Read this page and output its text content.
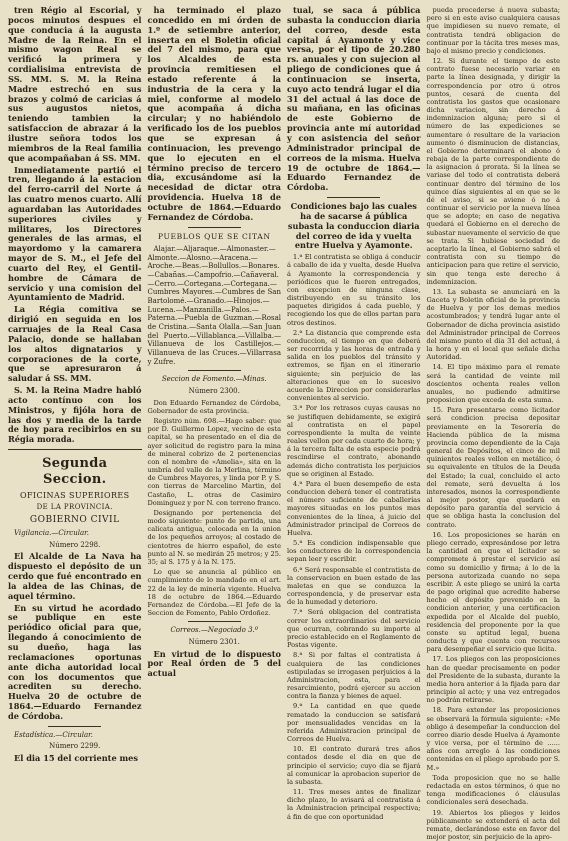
tren Régio al Escorial, y pocos minutos despues el que conducia á la augusta Madre de la Reina. En el mismo wagon Real se verificó la primera y cordialisima entrevista de SS. MM. S. M. la Reina Madre estrechó en sus brazos y colmó de caricias á sus augustos nietos, teniendo tambien la satisfaccion de abrazar á la ilustre señora todos los miembros de la Real familia que acompañaban á SS. MM.

Inmediatamente partió el tren, llegando á la estacion del ferro-carril del Norte á las cuatro menos cuarto. Allí aguardaban las Autoridades superiores civiles y militares, los Directores generales de las armas, el mayordomo y la camarera mayor de S. M., el Jefe del cuarto del Rey, el Gentil-hombre de Cámara de servicio y una comision del Ayuntamiento de Madrid.

La Régia comitiva se dirigió en seguida en los carruajes de la Real Casa Palacio, donde se hallaban los altos dignatarios y corporaciones de la corte, que se apresuraron á saludar á SS. MM.

S. M. la Reina Madre habló acto contínuo con los Ministros, y fijóla hora de las dos y media de la tarde de hoy para recibirlos en su Régia morada.

Segunda Seccion.
OFICINAS SUPERIORES
DE LA PROVINCIA.
GOBIERNO CIVIL

Vigilancia.—Circular.

Número 2298.

El Alcalde de La Nava ha dispuesto el depósito de un cerdo que fué encontrado en la aldea de las Chinas, de aquel término.

En su virtud he acordado se publique en este periódico oficial para que, llegando á conocimiento de su dueño, haga las reclamaciones oportunas ante dicha autoridad local con los documentos que acrediten su derecho. Huelva 20 de octubre de 1864.—Eduardo Fernandez de Córdoba.

Estadística.—Circular.

Número 2299.

El dia 15 del corriente mes

ha terminado el plazo concedido en mi órden de 1.º de setiembre anterior, inserta en el Boletin oficial del 7 del mismo, para que los Alcaldes de esta provincia remitiesen el estado referente á la industria de la cera y la miel, conforme al modelo que acompaña á dicha circular; y no habiéndolo verificado los de los pueblos que se expresan á continuacion, les prevengo que lo ejecuten en el término preciso de tercero dia, excusándome así la necesidad de dictar otra providencia. Huelva 18 de octubre de 1864.—Eduardo Fernandez de Córdoba.

PUEBLOS QUE SE CITAN

Alajar.—Aljaraque.—Almonaster.—Almonte.—Alosno.—Aracena.—Aroche.—Beas.—Bollullos.—Bonares.—Cabañas.—Campofrio.—Cañaveral.—Cerro.—Cortegana.—Cortegana.—Cumbres Mayores.—Cumbres de San Bartolomé.—Granado.—Hinojos.—Lucena.—Manzanilla.—Palos.—Paterna.—Puebla de Guzman.—Rosal de Cristina.—Santa Olalla.—San Juan del Puerto.—Villablanca.—Villalba.—Villanueva de los Castillejos.—Villanueva de las Cruces.—Villarrasa y Zufre.

Seccion de Fomento.—Minas.

Número 2300.

Don Eduardo Fernandez de Córdoba, Gobernador de esta provincia.

Registro núm. 698.—Hago saber: que por D. Guillermo Lopez, vecino de esta capital, se ha presentado en el dia de ayer solicitud de registro para la mina de mineral cobrizo de 2 pertenencias con el nombre de «Amelia», sita en la umbría del valle de la Merlina, término de Cumbres Mayores, y linda por P. y S. con tierras de Marcelino Martin, del Castaño, L. otras de Casimiro Dominguez y por N. con terreno franco.

Designando por pertenencia del modo siguiente: punto de partida, una calicata antigua, colocada en la union de los pequeños arroyos; al costado de cientotres de hierro español, de este punto al N. se medirán 25 metros; y 25. 35; al S. 175 y á la N. 175.

Lo que se anuncia al público en cumplimiento de lo mandado en el art. 22 de la ley de minería vigente. Huelva 18 de octubre de 1864.—Eduardo Fernandez de Córdoba.—El Jefe de la Seccion de Fomento, Pablo Ordoñez.

Correos.—Negociado 3.º

Número 2301.

En virtud de lo dispuesto por Real órden de 5 del actual

tual, se saca á pública subasta la conduccion diaria del correo, desde esta capital á Ayamonte y vice versa, por el tipo de 20.280 rs. anuales y con sujecion al pliego de condiciones que á continuacion se inserta, cuyo acto tendrá lugar el dia 31 del actual á las doce de su mañana, en las oficinas de este Gobierno de provincia ante mí autoridad y con asistencia del señor Administrador principal de correos de la misma. Huelva 19 de octubre de 1864.—Eduardo Fernandez de Córdoba.

Condiciones bajo las cuales ha de sacarse á pública subasta la conduccion diaria del correo de ida y vuelta entre Huelva y Ayamonte.

1.ª El contratista se obliga á conducir á caballo de ida y vuelta, desde Huelva á Ayamonte la correspondencia y periódicos que le fueren entregados, con excepcion de ninguna clase, distribuyendo en su tránsito los paquetes dirigidos á cada pueblo, y recogiendo los que de ellos partan para otros destinos.

2.ª La distancia que comprende esta conduccion, el tiempo en que deberá ser recorrida y las horas de entrada y salida en los pueblos del tránsito y extremos, se fijan en el itinerario siguiente; sin perjuicio de las alteraciones que en lo sucesivo acuerde la Direccion por considerarlas convenientes al servicio.

3.ª Por los retrasos cuyas causas no se justifiquen debidamente, se exigirá al contratista en el papel correspondiente la multa de veinte reales vellon por cada cuarto de hora; y á la tercera falta de esta especie podrá rescindirse el contrato, abonando además dicho contratista los perjuicios que se originen al Estado.

4.ª Para el buen desempeño de esta conduccion deberá tener el contratista el número suficiente de caballerías mayores situadas en los puntos mas convenientes de la línea, á juicio del Administrador principal de Correos de Huelva.

5.ª Es condicion indispensable que los conductores de la correspondencia sepan leer y escribir.

6.ª Será responsable el contratista de la conservacion en buen estado de las maletas en que se conduzca la correspondencia, y de preservar esta de la humedad y deterioro.

7.ª Será obligacion del contratista correr los extraordinarios del servicio que ocurran, cobrando su importe al precio establecido en el Reglamento de Postas vigente.

8.ª Si por faltas el contratista á cualquiera de las condiciones estipuladas se irrogasen perjuicios á la Administracion, esta, para el resarcimiento, podrá ejercer su accion contra la fianza y bienes de aquel.

9.ª La cantidad en que quede rematado la conduccion se satisfará por mensualidades vencidas en la referida Administracion principal de Correos de Huelva.

10. El contrato durará tres años contados desde el dia en que de principio el servicio; cuyo dia se fijará al comunicar la aprobacion superior de la subasta.

11. Tres meses antes de finalizar dicho plazo, lo avisará al contratista á la Administracion principal respectiva; á fin de que con oportunidad

pueda procederse á nueva subasta; pero si en este aviso cualquiera causas que impidiesen su nuevo remate, el contratista tendrá obligacion de continuar por la tácita tres meses mas, bajo el mismo precio y condiciones.

12. Si durante el tiempo de este contrato fuese necesario variar en parte la línea designada, y dirigir la correspondencia por otro ú otros puntos, cesará de cuenta del contratista los gastos que ocasionare dicha variacion, sin derecho á indemnizacion alguna; pero si el número de las expediciones se aumentare ó resultare de la variacion aumento ó disminucion de distancias, el Gobierno determinará el abono ó rebaja de la parte correspondiente de la asignacion á prorata. Si la línea se variase del todo el contratista deberá continuar dentro del término de los quince días siguientes al en que se le dé el aviso, si se aviene ó no á continuar el servicio por la nueva línea que se adopte; en caso de negativa quedará el Gobierno en el derecho de subastar nuevamente el servicio de que se trata. Si hubiese sociedad de aceptarlo la línea, el Gobierno sabrá el contratista con su tiempo de anticipacion para que retire el servicio, sin que tenga este derecho á indemnizacion.

13. La subasta se anunciará en la Gaceta y Boletin oficial de la provincia de Huelva y por los demas medios acostumbrados; y tendrá lugar ante el Gobernador de dicha provincia asistido del Administrador principal de Correos del mismo punto el dia 31 del actual, á la hora y en el local que señale dicha Autoridad.

14. El tipo máximo para el remate será la cantidad de veinte mil doscientos ochenta reales vellon anuales, no pudiendo admitirse proposicion que exceda de esta suma.

15. Para presentarse como licitador será condicion precisa depositar previamente en la Tesorería de Hacienda pública de la misma provincia como dependiente de la Caja general de Depósitos, el cinco de mil quinientos reales vellon en metálico, ó su equivalente en títulos de la Deuda del Estado; la cual, concluido el acto del remate, será devuelta á los interesados, menos la correspondiente al mejor postor, que quedará en depósito para garantía del servicio á que se obliga hasta la conclusion del contrato.

16. Los proposiciones se harán en pliego cerrado, expresándose por letra la cantidad en que el licitador se compromete á prestar el servicio así como su domicilio y firma; á lo de la persona autorizada cuando no sepa escribir. A este pliego se unirá la carta de pago original que acredite haberse hecho el depósito prevenido en la condicion anterior, y una certificacion expedida por el Alcalde del pueblo, residencia del proponente por la que conste su aptitud legal, buena conducta y que cuenta con recursos para desempeñar el servicio que licita.

17. Los pliegos con las proposiciones han de quedar precisamente en poder del Presidente de la subasta, durante la media hora anterior á la fijada para dar principio al acto; y una vez entregados no podrán retirarse.

18. Para extender las proposiciones se observará la fórmula siguiente: «Me obligo á desempeñar la conduccion del correo diario desde Huelva á Ayamonte y vice versa, por el término de ...... años con arreglo á las condiciones contenidas en el pliego aprobado por S. M.»

Toda proposicion que no se halle redactada en estos términos, ó que no tenga modificaciones ó cláusulas condicionales será desechada.

19. Abiertos los pliegos y leidos públicamente se extenderá el acta del remate, declarándose este en favor del mejor postor, sin perjuicio de la apro-
